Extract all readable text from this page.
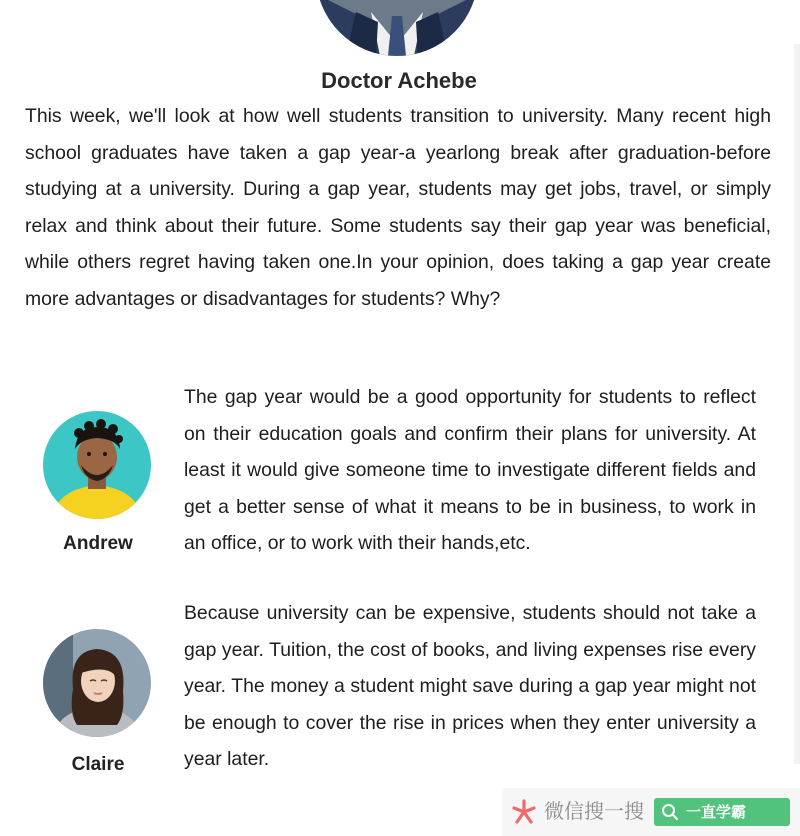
Doctor Achebe
This week, we'll look at how well students transition to university. Many recent high school graduates have taken a gap year-a yearlong break after graduation-before studying at a university. During a gap year, students may get jobs, travel, or simply relax and think about their future. Some students say their gap year was beneficial, while others regret having taken one.In your opinion, does taking a gap year create more advantages or disadvantages for students? Why?
Andrew
The gap year would be a good opportunity for students to reflect on their education goals and confirm their plans for university. At least it would give someone time to investigate different fields and get a better sense of what it means to be in business, to work in an office, or to work with their hands,etc.
Claire
Because university can be expensive, students should not take a gap year. Tuition, the cost of books, and living expenses rise every year. The money a student might save during a gap year might not be enough to cover the rise in prices when they enter university a year later.
微信搜一搜	一直学霸
